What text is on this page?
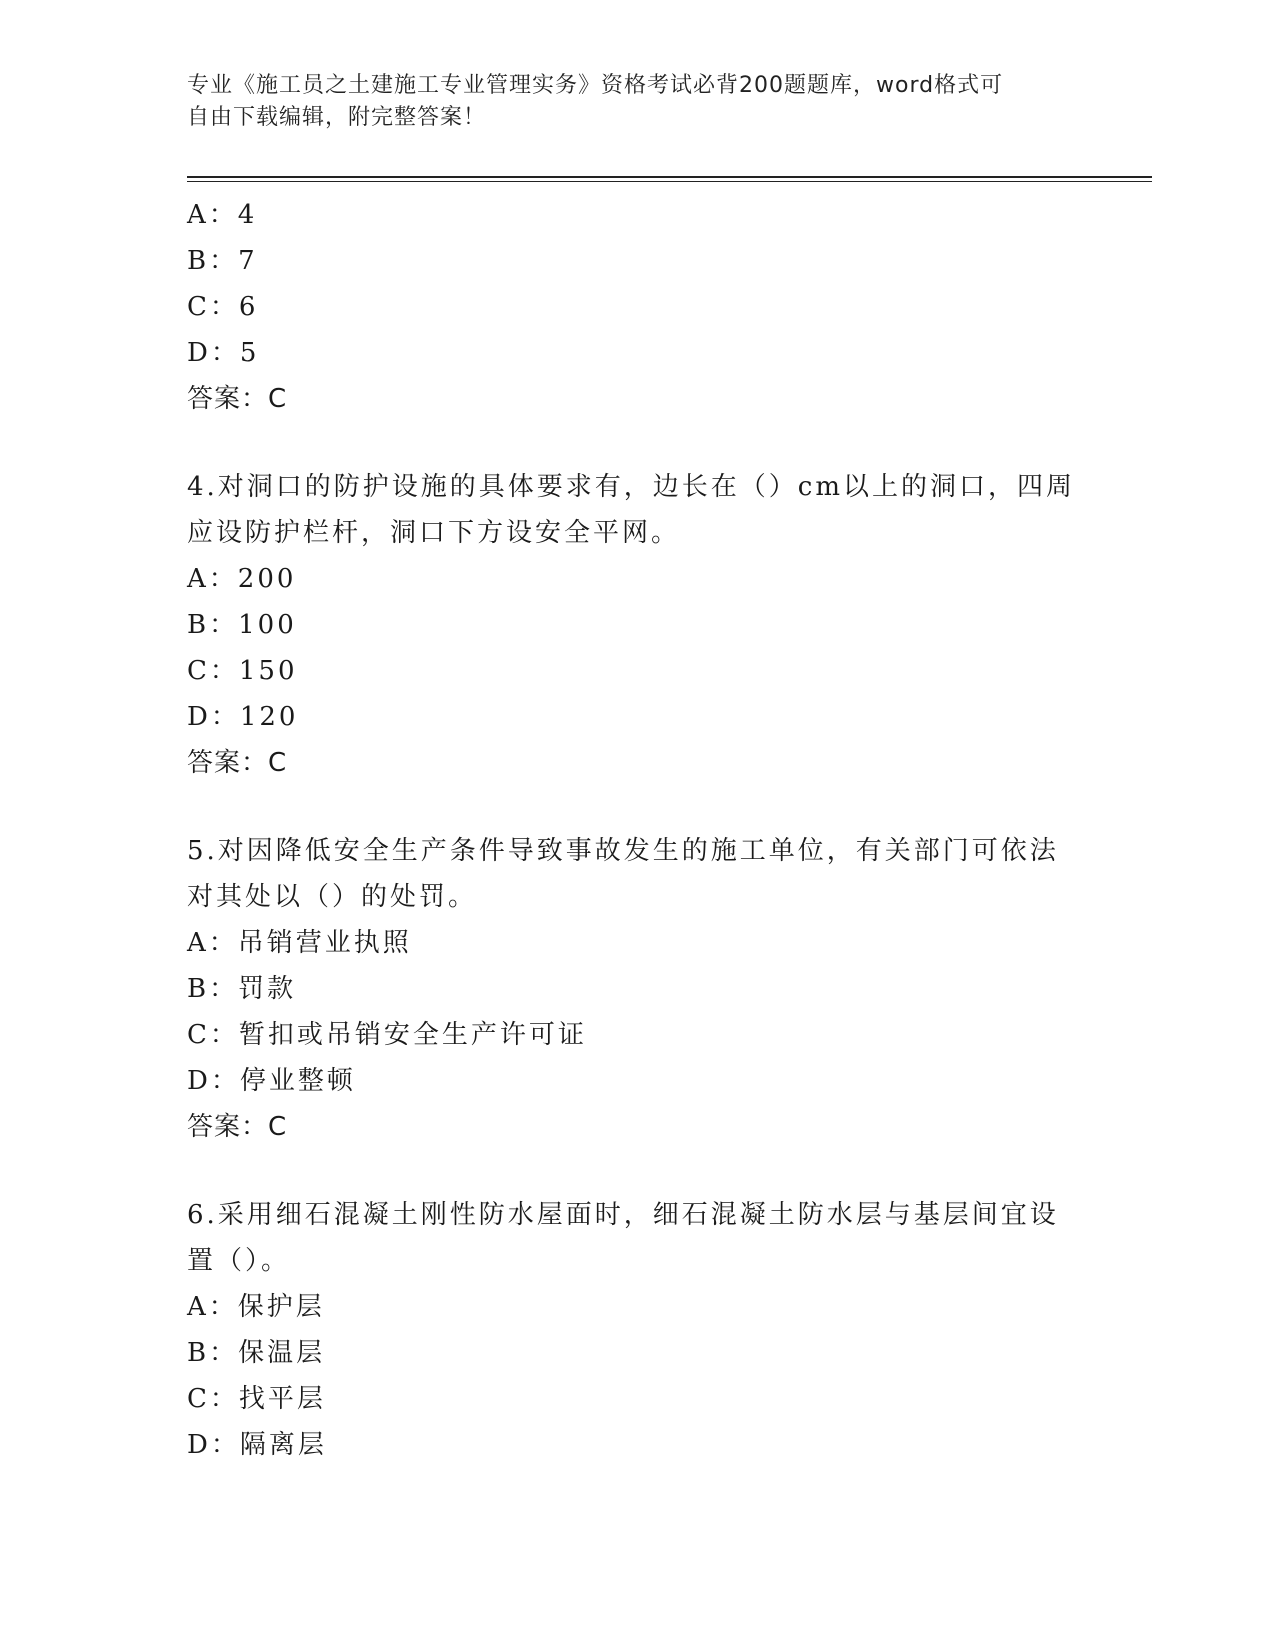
专业《施工员之土建施工专业管理实务》资格考试必背200题题库，word格式可
自由下载编辑，附完整答案！
A：4
B：7
C：6
D：5
答案：C
4.对洞口的防护设施的具体要求有，边长在（）cm以上的洞口，四周
应设防护栏杆，洞口下方设安全平网。
A：200
B：100
C：150
D：120
答案：C
5.对因降低安全生产条件导致事故发生的施工单位，有关部门可依法
对其处以（）的处罚。
A：吊销营业执照
B：罚款
C：暂扣或吊销安全生产许可证
D：停业整顿
答案：C
6.采用细石混凝土刚性防水屋面时，细石混凝土防水层与基层间宜设
置（）。
A：保护层
B：保温层
C：找平层
D：隔离层
